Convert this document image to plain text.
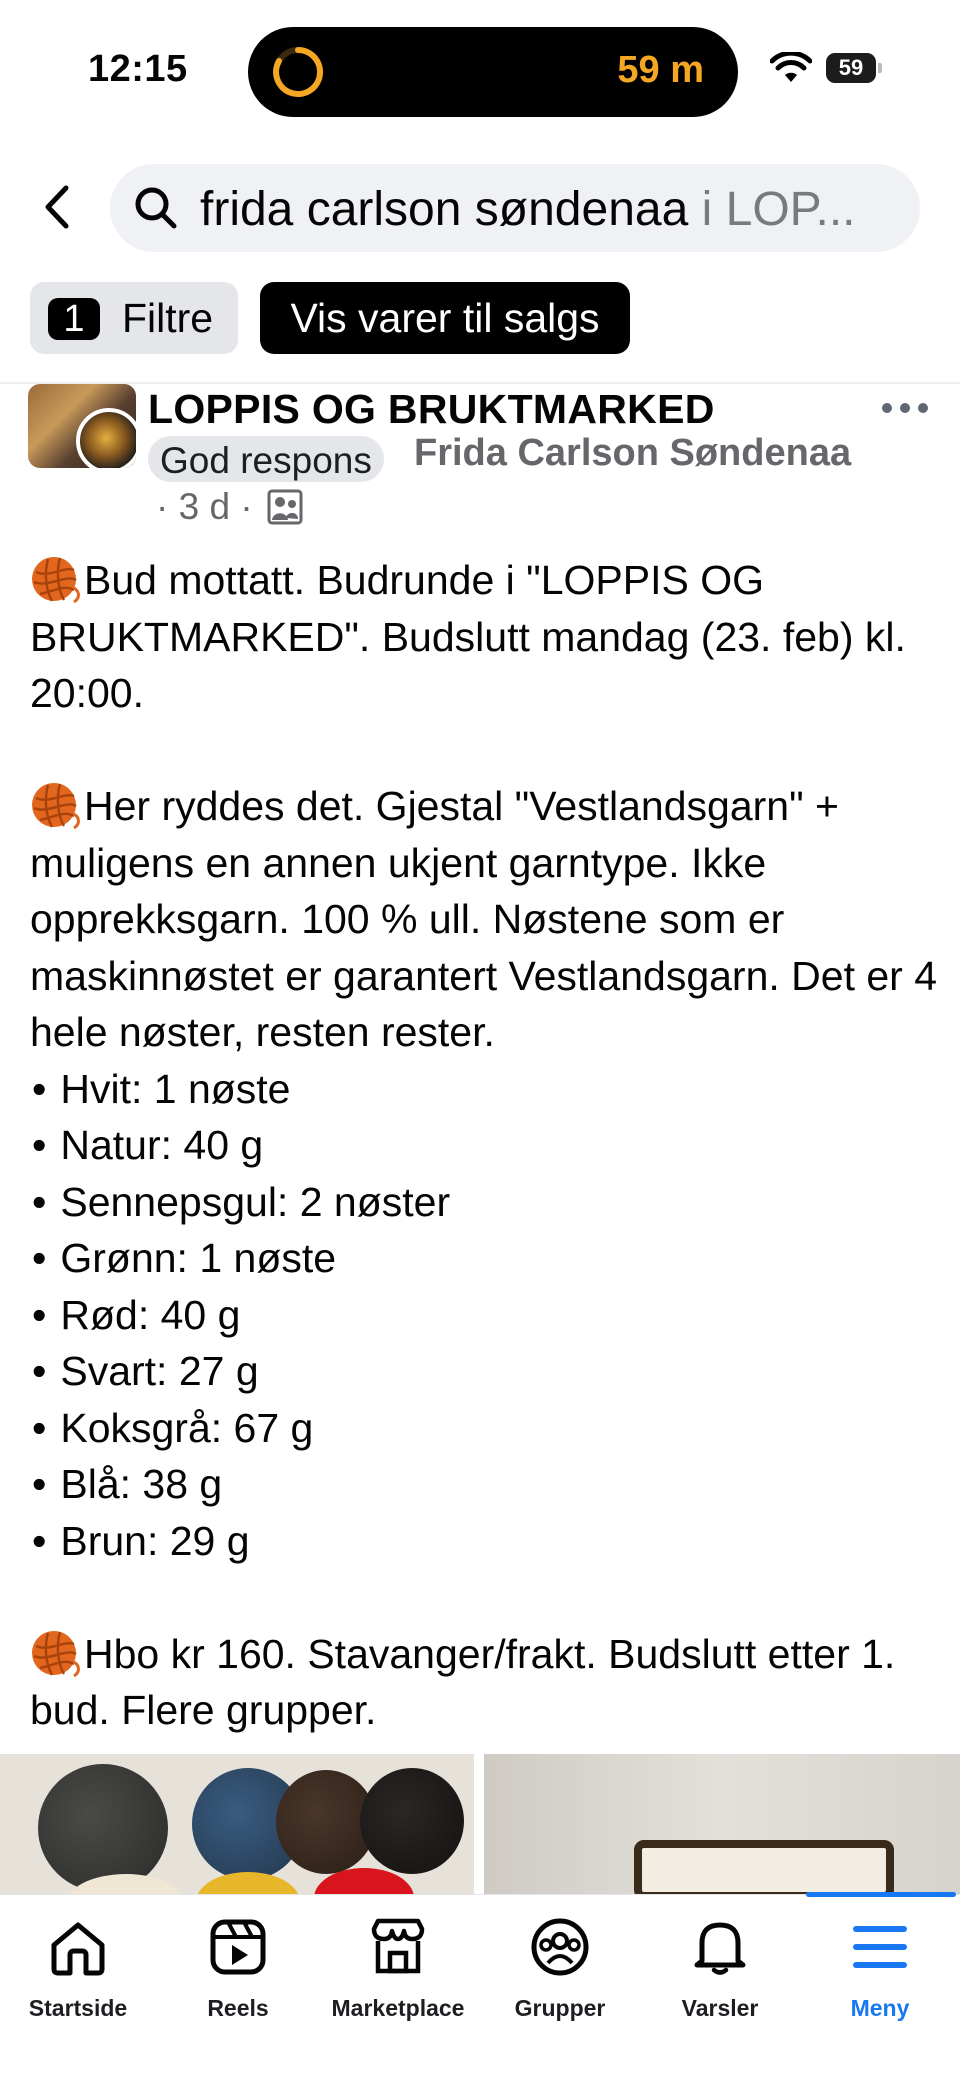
12:15	59 m	59
frida carlson søndenaa i LOP...
1 Filtre	Vis varer til salgs
LOPPIS OG BRUKTMARKED
God respons	Frida Carlson Søndenaa
· 3 d ·

Bud mottatt. Budrunde i "LOPPIS OG BRUKTMARKED". Budslutt mandag (23. feb) kl. 20:00.

Her ryddes det. Gjestal "Vestlandsgarn" + muligens en annen ukjent garntype. Ikke opprekksgarn. 100 % ull. Nøstene som er maskinnøstet er garantert Vestlandsgarn. Det er 4 hele nøster, resten rester.

• Hvit: 1 nøste
• Natur: 40 g
• Sennepsgul: 2 nøster
• Grønn: 1 nøste
• Rød: 40 g
• Svart: 27 g
• Koksgrå: 67 g
• Blå: 38 g
• Brun: 29 g

Hbo kr 160. Stavanger/frakt. Budslutt etter 1. bud. Flere grupper.

Startside	Reels	Marketplace	Grupper	Varsler	Meny
